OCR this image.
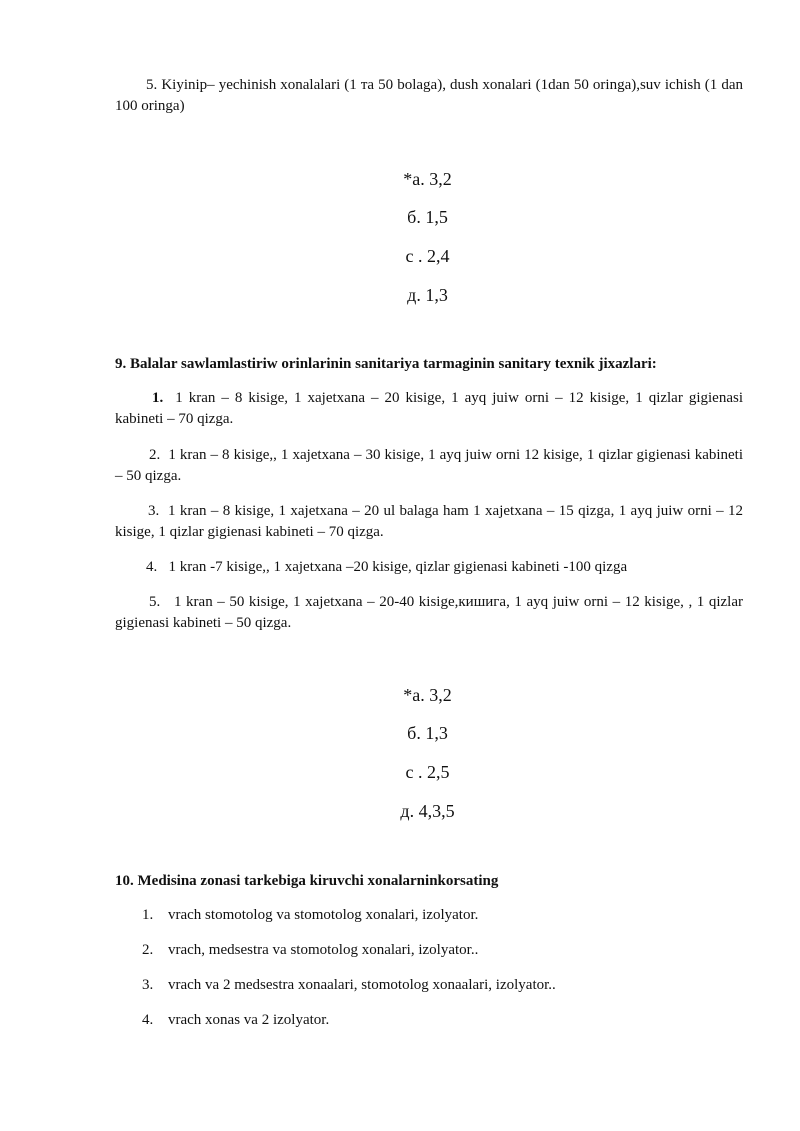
5. Kiyinip– yechinish xonalalari (1 тa 50 bolaga), dush xonalari (1dan 50 oringa),suv ichish (1 dan 100 oringa)
*a. 3,2
б. 1,5
с . 2,4
д. 1,3
9. Balalar sawlamlastiriw orinlarinin sanitariya tarmaginin sanitary texnik jixazlari:
1. 1 kran – 8 kisige, 1 xajetxana – 20 kisige, 1 ayq juiw orni – 12 kisige, 1 qizlar gigienasi kabineti – 70 qizga.
2. 1 kran – 8 kisige,, 1 xajetxana – 30 kisige, 1 ayq juiw orni 12 kisige, 1 qizlar gigienasi kabineti – 50 qizga.
3. 1 kran – 8 kisige, 1 xajetxana – 20 ul balaga ham 1 xajetxana – 15 qizga, 1 ayq juiw orni – 12 kisige, 1 qizlar gigienasi kabineti – 70 qizga.
4. 1 kran -7 kisige,, 1 xajetxana –20 kisige, qizlar gigienasi kabineti -100 qizga
5. 1 kran – 50 kisige, 1 xajetxana – 20-40 kisige,кишига, 1 ayq juiw orni – 12 kisige, , 1 qizlar gigienasi kabineti – 50 qizga.
*a. 3,2
б. 1,3
с . 2,5
д. 4,3,5
10. Medisina zonasi tarkebiga kiruvchi xonalarninkorsating
1. vrach stomotolog va stomotolog xonalari, izolyator.
2. vrach, medsestra va stomotolog xonalari, izolyator..
3. vrach va 2 medsestra xonaalari, stomotolog xonaalari, izolyator..
4. vrach xonas va 2 izolyator.
